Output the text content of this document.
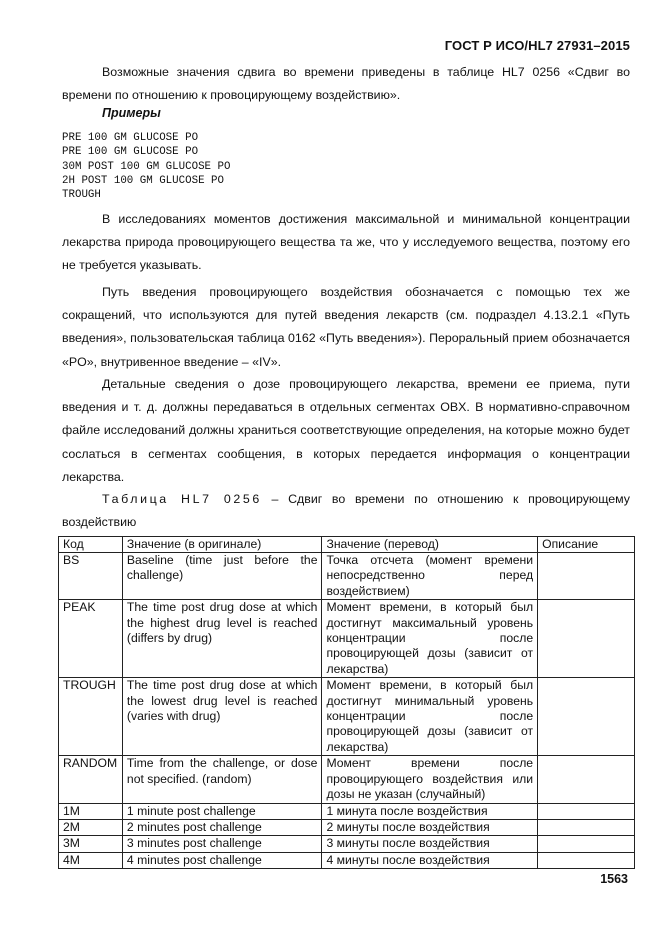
ГОСТ Р ИСО/HL7 27931–2015
Возможные значения сдвига во времени приведены в таблице HL7 0256 «Сдвиг во времени по отношению к провоцирующему воздействию».
Примеры
PRE 100 GM GLUCOSE PO
PRE 100 GM GLUCOSE PO
30M POST 100 GM GLUCOSE PO
2H POST 100 GM GLUCOSE PO
TROUGH
В исследованиях моментов достижения максимальной и минимальной концентрации лекарства природа провоцирующего вещества та же, что у исследуемого вещества, поэтому его не требуется указывать.
Путь введения провоцирующего воздействия обозначается с помощью тех же сокращений, что используются для путей введения лекарств (см. подраздел 4.13.2.1 «Путь введения», пользовательская таблица 0162 «Путь введения»). Пероральный прием обозначается «PO», внутривенное введение – «IV».
Детальные сведения о дозе провоцирующего лекарства, времени ее приема, пути введения и т. д. должны передаваться в отдельных сегментах OBX. В нормативно-справочном файле исследований должны храниться соответствующие определения, на которые можно будет сослаться в сегментах сообщения, в которых передается информация о концентрации лекарства.
Таблица HL7 0256 – Сдвиг во времени по отношению к провоцирующему воздействию
Код	Значение (в оригинале)	Значение (перевод)	Описание
BS	Baseline (time just before the challenge)	Точка отсчета (момент времени непосредственно перед воздействием)	
PEAK	The time post drug dose at which the highest drug level is reached (differs by drug)	Момент времени, в который был достигнут максимальный уровень концентрации после провоцирующей дозы (зависит от лекарства)	
TROUGH	The time post drug dose at which the lowest drug level is reached (varies with drug)	Момент времени, в который был достигнут минимальный уровень концентрации после провоцирующей дозы (зависит от лекарства)	
RANDOM	Time from the challenge, or dose not specified. (random)	Момент времени после провоцирующего воздействия или дозы не указан (случайный)	
1M	1 minute post challenge	1 минута после воздействия	
2M	2 minutes post challenge	2 минуты после воздействия	
3M	3 minutes post challenge	3 минуты после воздействия	
4M	4 minutes post challenge	4 минуты после воздействия	
1563
